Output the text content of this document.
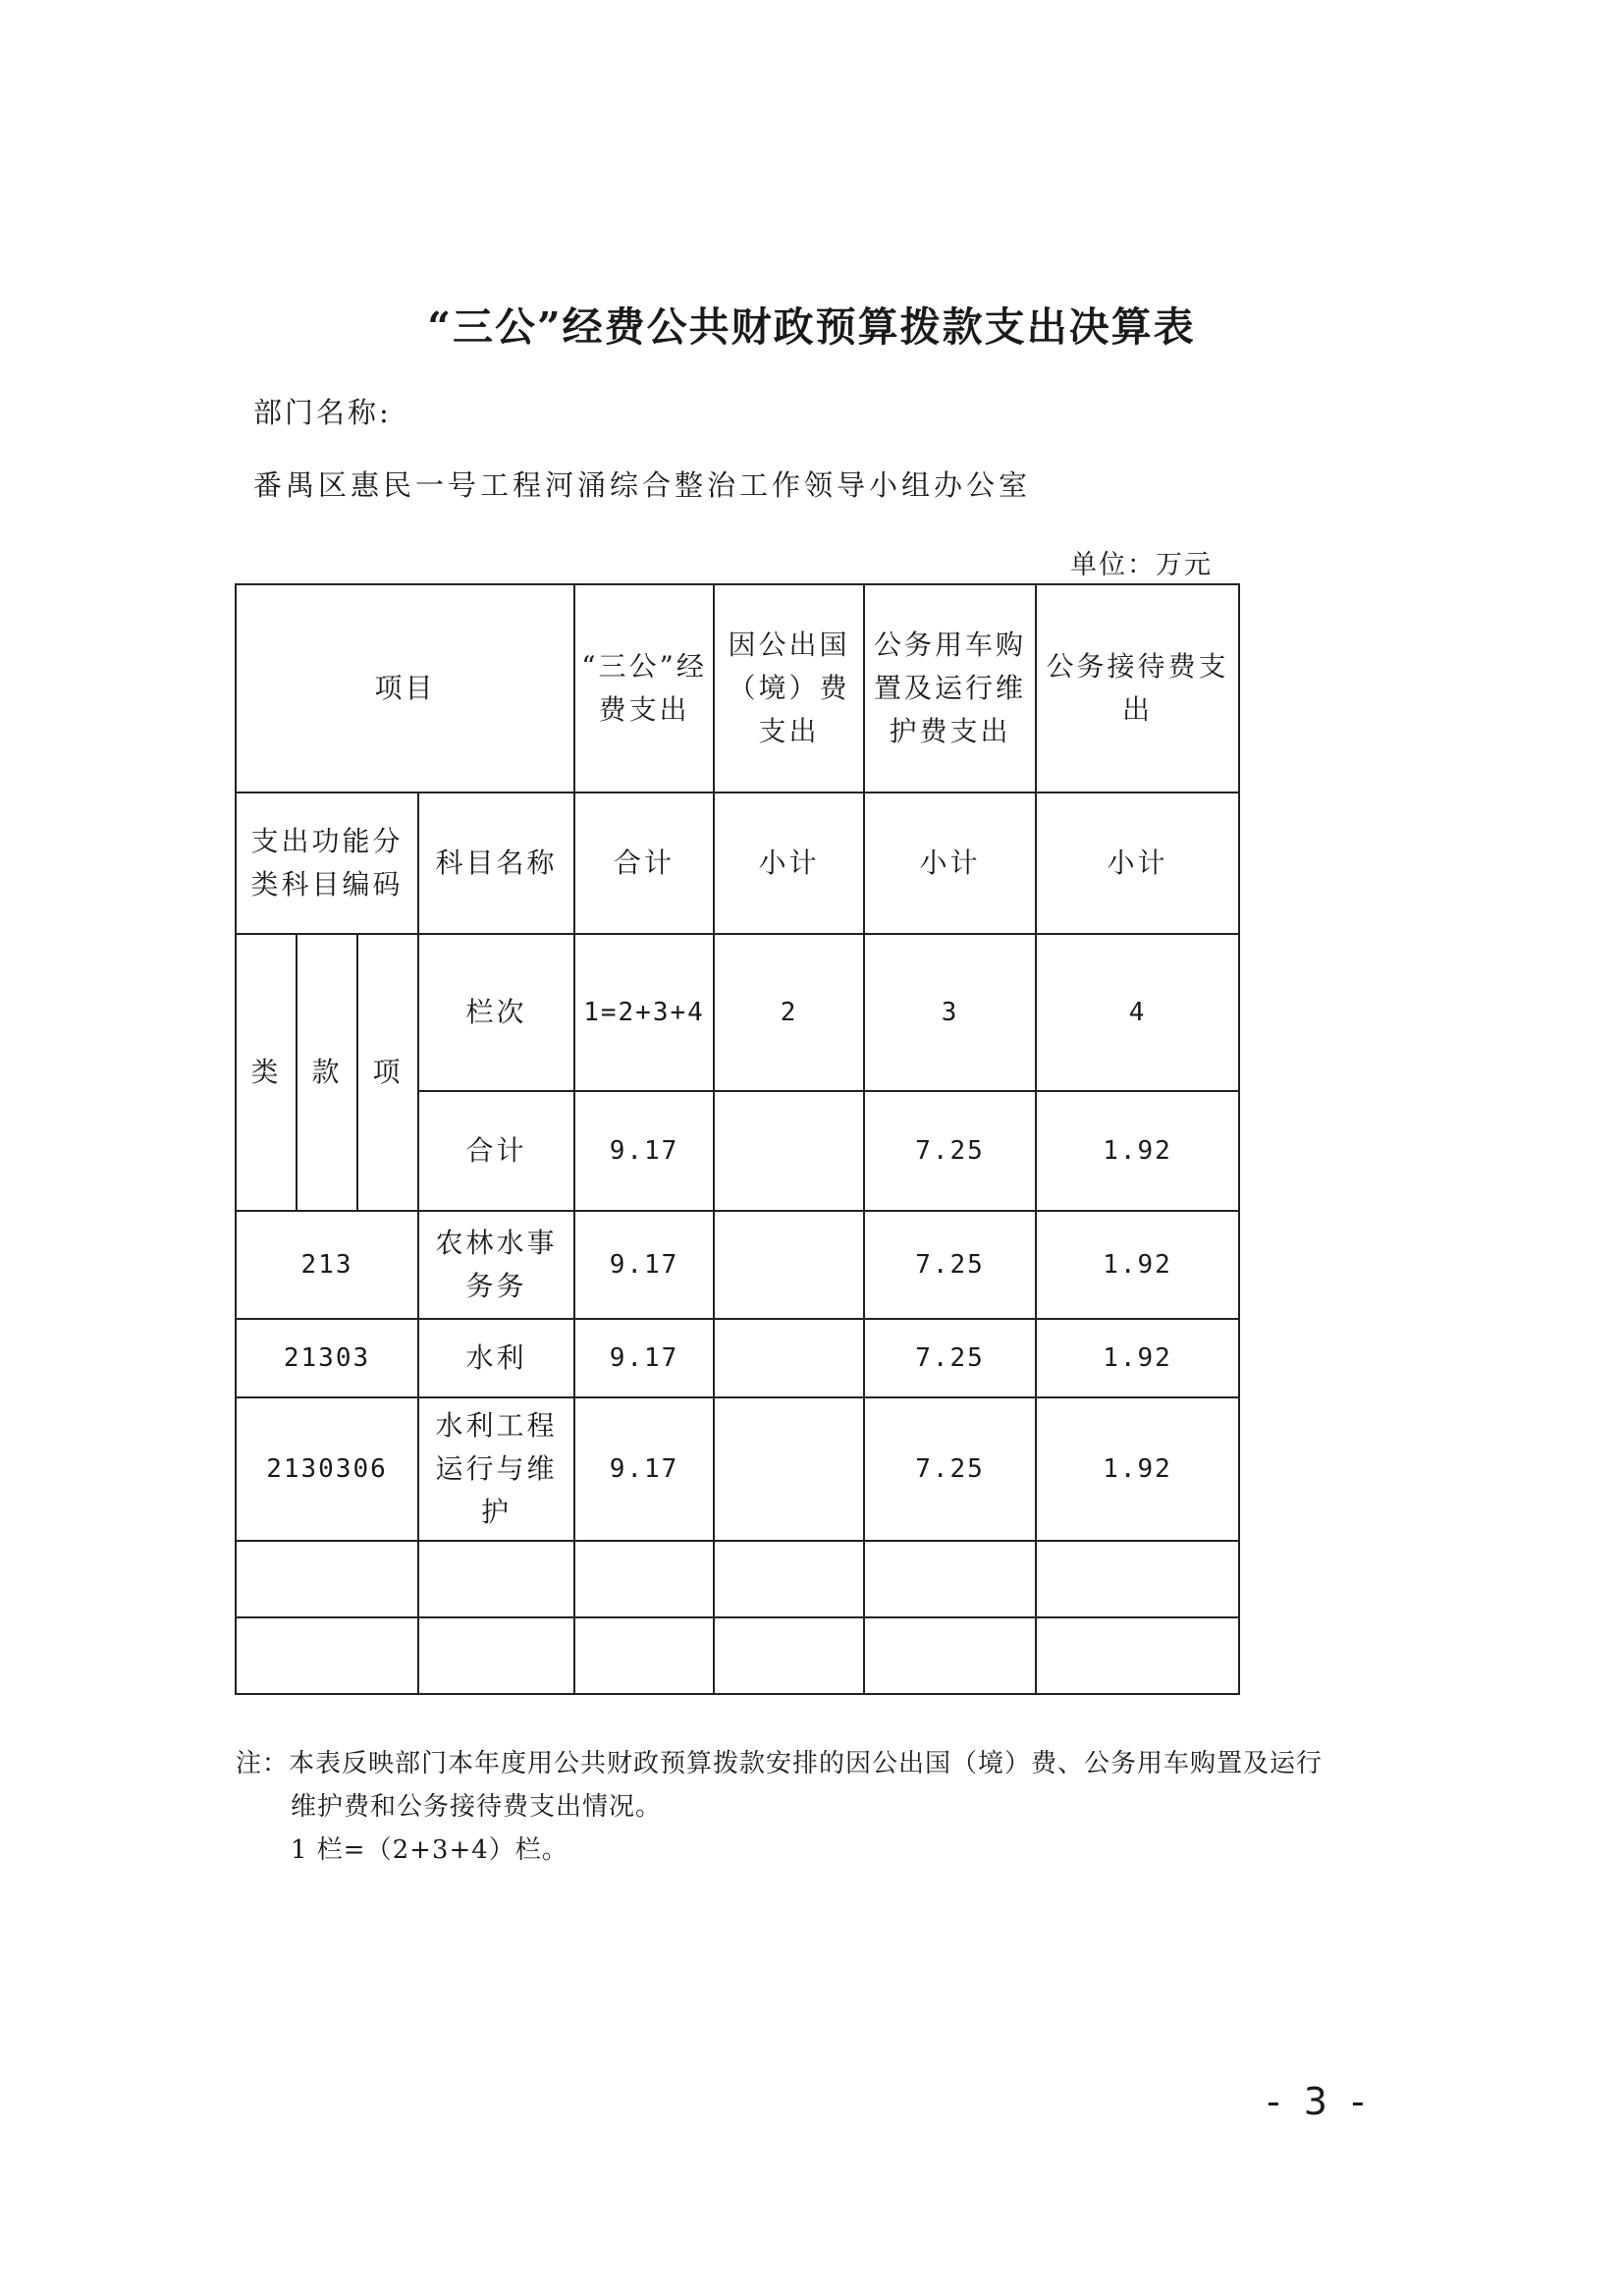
“三公”经费公共财政预算拨款支出决算表
部门名称:
番禺区惠民一号工程河涌综合整治工作领导小组办公室
单位：万元
项目				“三公”经费支出	因公出国（境）费支出	公务用车购置及运行维护费支出	公务接待费支出
支出功能分类科目编码			科目名称	合计	小计	小计	小计
类	款	项	栏次	1=2+3+4	2	3	4
			合计	9.17		7.25	1.92
213			农林水事务务	9.17		7.25	1.92
21303			水利	9.17		7.25	1.92
2130306			水利工程运行与维护	9.17		7.25	1.92

注：本表反映部门本年度用公共财政预算拨款安排的因公出国（境）费、公务用车购置及运行
维护费和公务接待费支出情况。
1 栏=（2+3+4）栏。
- 3 -
